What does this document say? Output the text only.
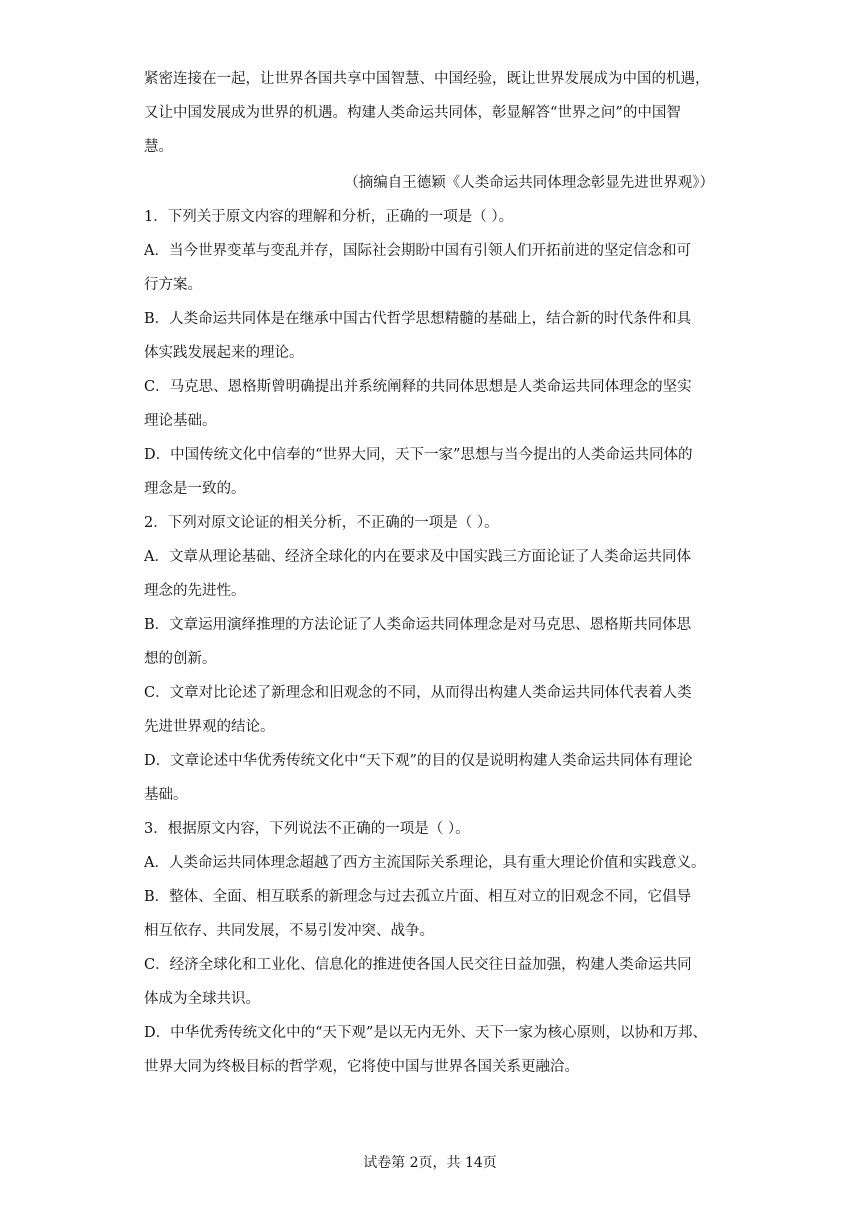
紧密连接在一起，让世界各国共享中国智慧、中国经验，既让世界发展成为中国的机遇，
又让中国发展成为世界的机遇。构建人类命运共同体，彰显解答“世界之问”的中国智
慧。
（摘编自王德颖《人类命运共同体理念彰显先进世界观》）
1．下列关于原文内容的理解和分析，正确的一项是（ ）。
A．当今世界变革与变乱并存，国际社会期盼中国有引领人们开拓前进的坚定信念和可
行方案。
B．人类命运共同体是在继承中国古代哲学思想精髓的基础上，结合新的时代条件和具
体实践发展起来的理论。
C．马克思、恩格斯曾明确提出并系统阐释的共同体思想是人类命运共同体理念的坚实
理论基础。
D．中国传统文化中信奉的“世界大同，天下一家”思想与当今提出的人类命运共同体的
理念是一致的。
2．下列对原文论证的相关分析，不正确的一项是（ ）。
A．文章从理论基础、经济全球化的内在要求及中国实践三方面论证了人类命运共同体
理念的先进性。
B．文章运用演绎推理的方法论证了人类命运共同体理念是对马克思、恩格斯共同体思
想的创新。
C．文章对比论述了新理念和旧观念的不同，从而得出构建人类命运共同体代表着人类
先进世界观的结论。
D．文章论述中华优秀传统文化中“天下观”的目的仅是说明构建人类命运共同体有理论
基础。
3．根据原文内容，下列说法不正确的一项是（ ）。
A．人类命运共同体理念超越了西方主流国际关系理论，具有重大理论价值和实践意义。
B．整体、全面、相互联系的新理念与过去孤立片面、相互对立的旧观念不同，它倡导
相互依存、共同发展，不易引发冲突、战争。
C．经济全球化和工业化、信息化的推进使各国人民交往日益加强，构建人类命运共同
体成为全球共识。
D．中华优秀传统文化中的“天下观”是以无内无外、天下一家为核心原则，以协和万邦、
世界大同为终极目标的哲学观，它将使中国与世界各国关系更融洽。
试卷第 2页，共 14页
